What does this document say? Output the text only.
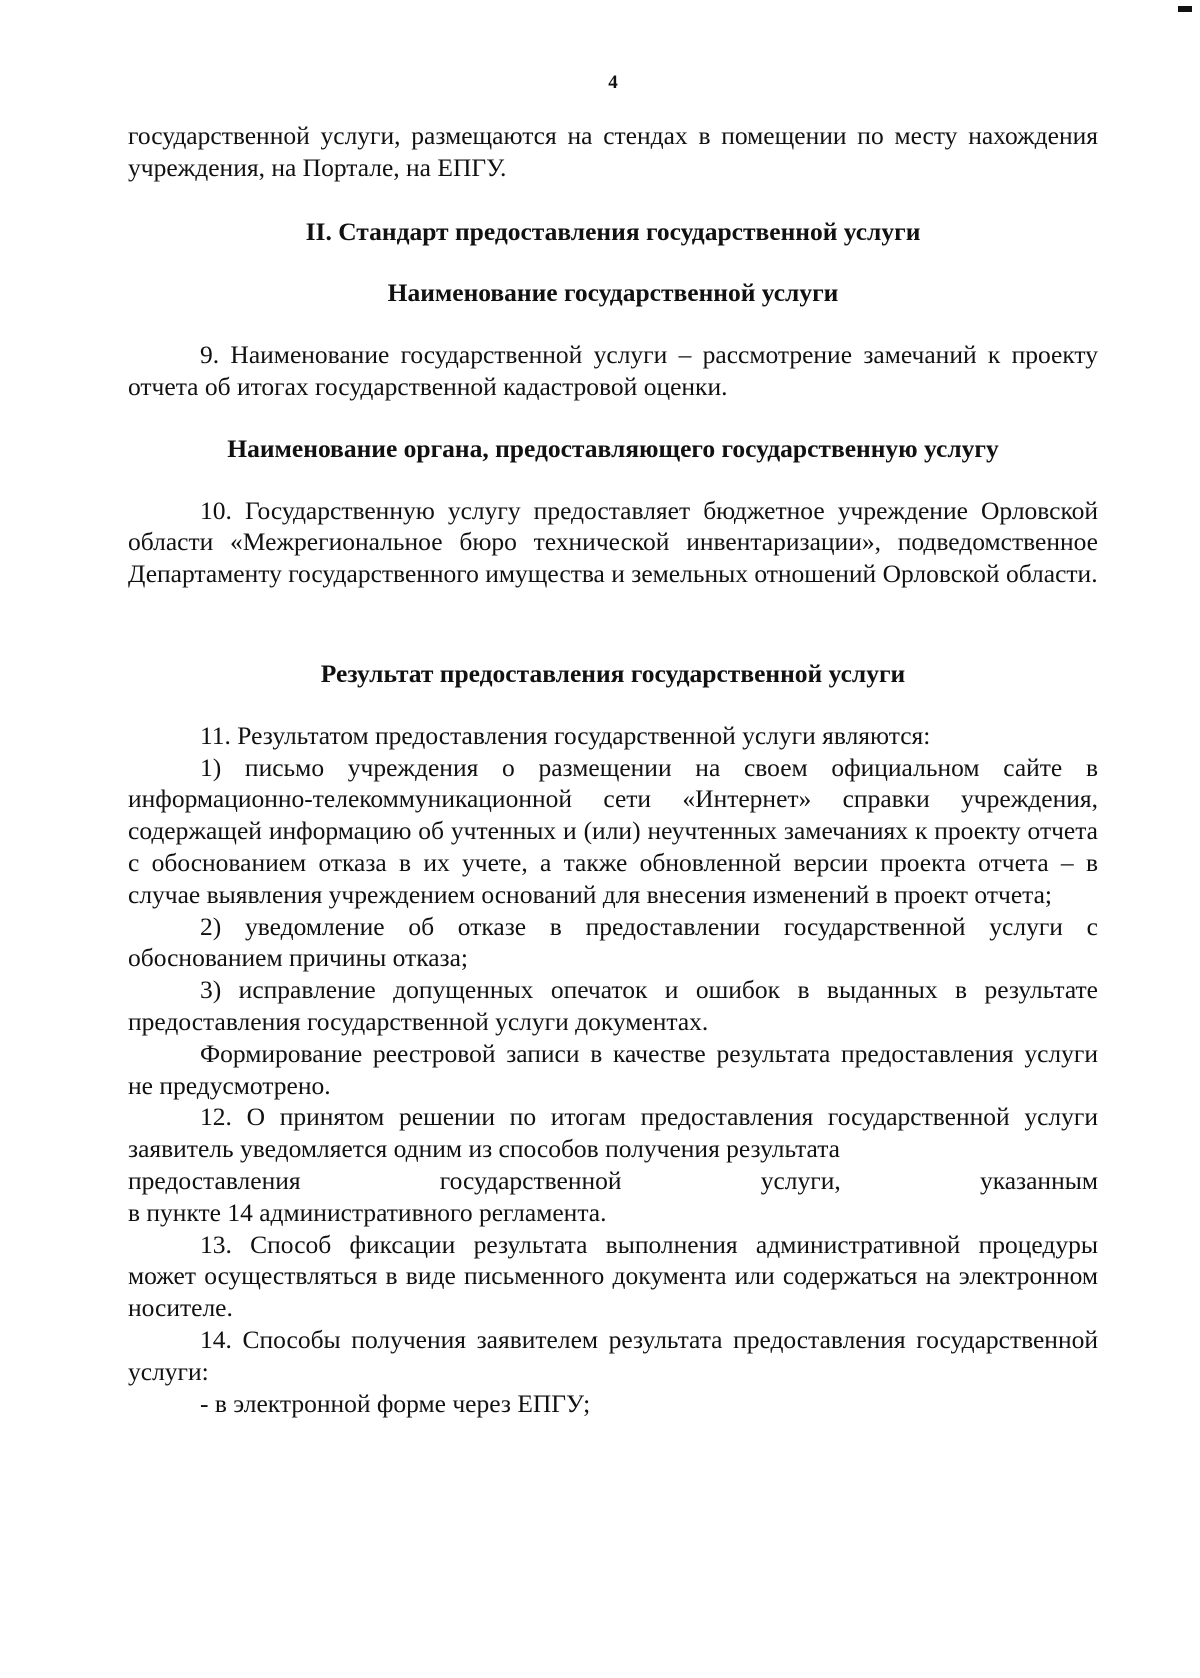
4

государственной услуги, размещаются на стендах в помещении по месту нахождения учреждения, на Портале, на ЕПГУ.

II. Стандарт предоставления государственной услуги

Наименование государственной услуги

9. Наименование государственной услуги – рассмотрение замечаний к проекту отчета об итогах государственной кадастровой оценки.

Наименование органа, предоставляющего государственную услугу

10. Государственную услугу предоставляет бюджетное учреждение Орловской области «Межрегиональное бюро технической инвентаризации», подведомственное Департаменту государственного имущества и земельных отношений Орловской области.

Результат предоставления государственной услуги

11. Результатом предоставления государственной услуги являются:

1) письмо учреждения о размещении на своем официальном сайте в информационно-телекоммуникационной сети «Интернет» справки учреждения, содержащей информацию об учтенных и (или) неучтенных замечаниях к проекту отчета с обоснованием отказа в их учете, а также обновленной версии проекта отчета – в случае выявления учреждением оснований для внесения изменений в проект отчета;

2) уведомление об отказе в предоставлении государственной услуги с обоснованием причины отказа;

3) исправление допущенных опечаток и ошибок в выданных в результате предоставления государственной услуги документах.

Формирование реестровой записи в качестве результата предоставления услуги не предусмотрено.

12. О принятом решении по итогам предоставления государственной услуги заявитель уведомляется одним из способов получения результата

предоставления государственной услуги, указанным

в пункте 14 административного регламента.

13. Способ фиксации результата выполнения административной процедуры может осуществляться в виде письменного документа или содержаться на электронном носителе.

14. Способы получения заявителем результата предоставления государственной услуги:

- в электронной форме через ЕПГУ;
